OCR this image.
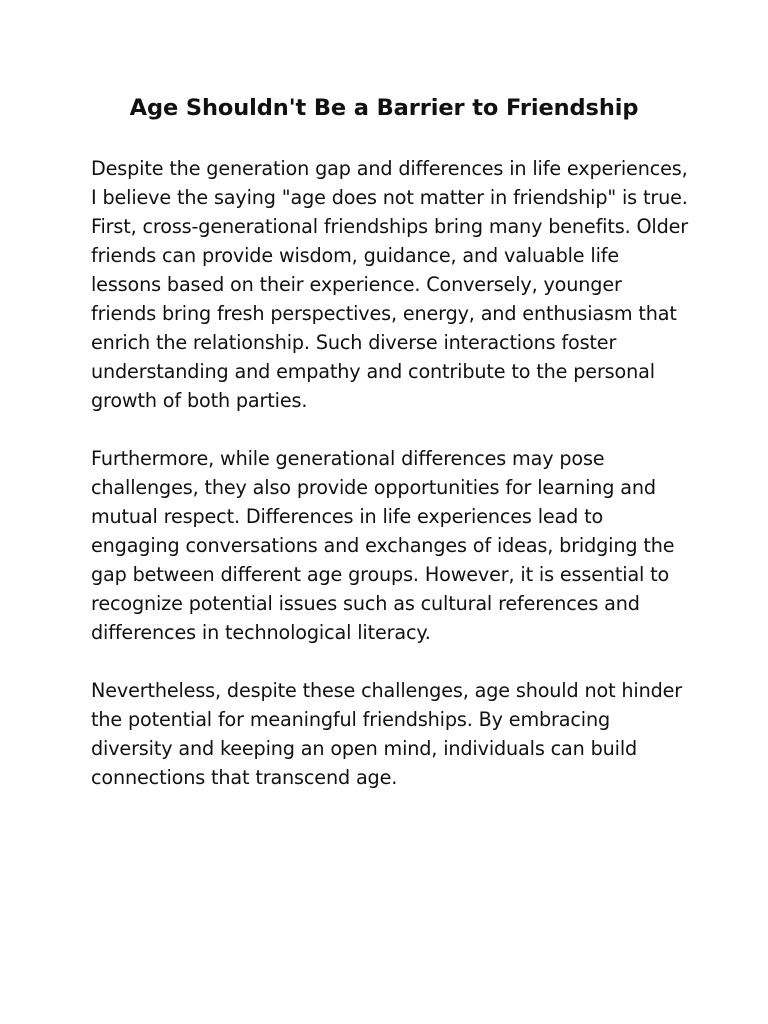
Age Shouldn't Be a Barrier to Friendship

Despite the generation gap and differences in life experiences, I believe the saying "age does not matter in friendship" is true. First, cross-generational friendships bring many benefits. Older friends can provide wisdom, guidance, and valuable life lessons based on their experience. Conversely, younger friends bring fresh perspectives, energy, and enthusiasm that enrich the relationship. Such diverse interactions foster understanding and empathy and contribute to the personal growth of both parties.

Furthermore, while generational differences may pose challenges, they also provide opportunities for learning and mutual respect. Differences in life experiences lead to engaging conversations and exchanges of ideas, bridging the gap between different age groups. However, it is essential to recognize potential issues such as cultural references and differences in technological literacy.

Nevertheless, despite these challenges, age should not hinder the potential for meaningful friendships. By embracing diversity and keeping an open mind, individuals can build connections that transcend age.
